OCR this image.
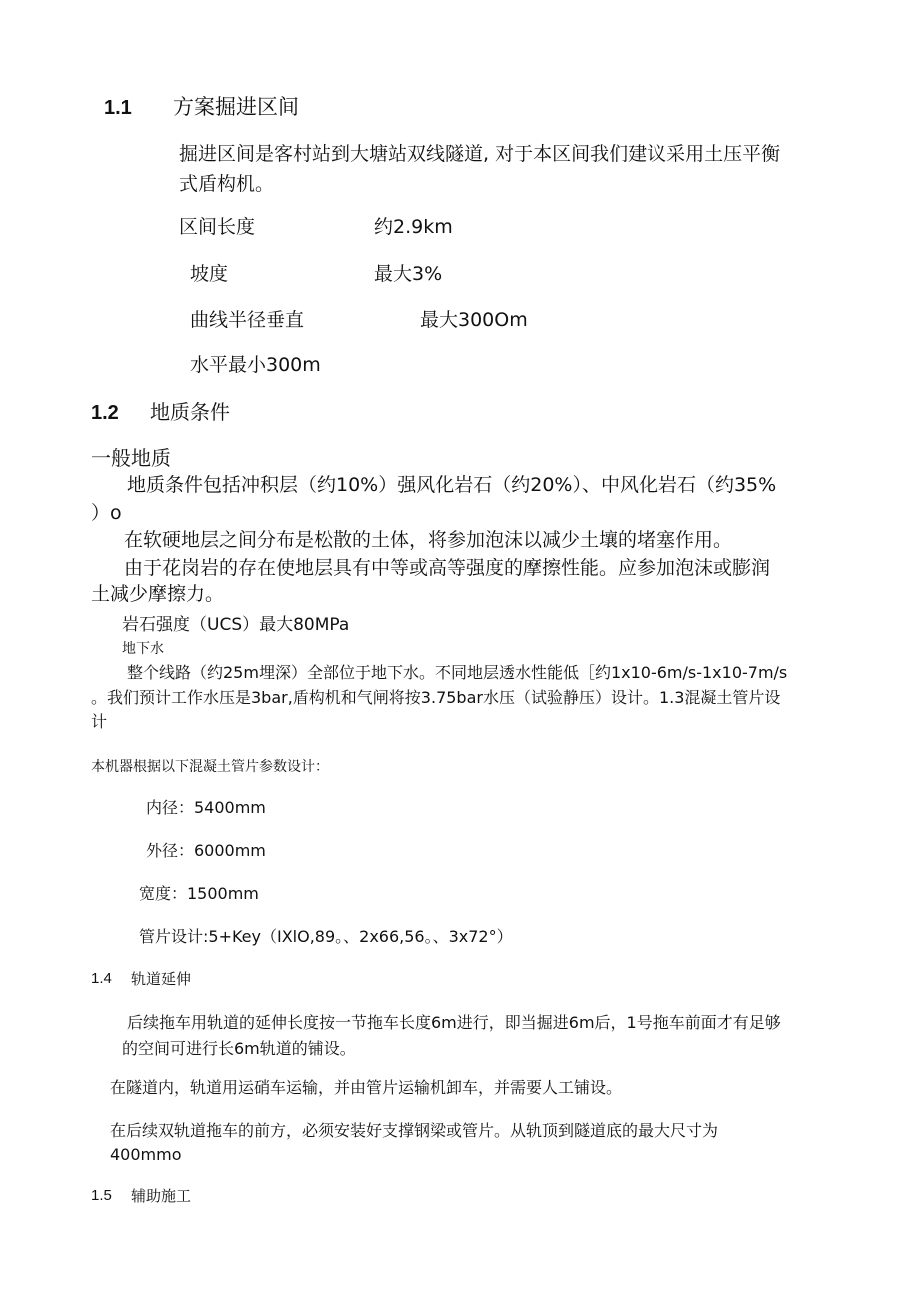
1.1 方案掘进区间
掘进区间是客村站到大塘站双线隧道, 对于本区间我们建议采用土压平衡
式盾构机。
区间长度	约2.9km
坡度	最大3%
曲线半径垂直	最大300Om
水平最小300m
1.2 地质条件
一般地质
地质条件包括冲积层（约10%）强风化岩石（约20%）、中风化岩石（约35%
）o
在软硬地层之间分布是松散的土体，将参加泡沫以减少土壤的堵塞作用。
由于花岗岩的存在使地层具有中等或高等强度的摩擦性能。应参加泡沫或膨润
土减少摩擦力。
岩石强度（UCS）最大80MPa
地下水
整个线路（约25m埋深）全部位于地下水。不同地层透水性能低［约1x10-6m/s-1x10-7m/s
。我们预计工作水压是3bar,盾构机和气闸将按3.75bar水压（试验静压）设计。1.3混凝土管片设
计
本机器根据以下混凝土管片参数设计：
内径：5400mm
外径：6000mm
宽度：1500mm
管片设计:5+Key（IXlO,89。、2x66,56。、3x72°）
1.4 轨道延伸
后续拖车用轨道的延伸长度按一节拖车长度6m进行，即当掘进6m后，1号拖车前面才有足够
的空间可进行长6m轨道的铺设。
在隧道内，轨道用运硝车运输，并由管片运输机卸车，并需要人工铺设。
在后续双轨道拖车的前方，必须安装好支撑钢梁或管片。从轨顶到隧道底的最大尺寸为
400mmo
1.5 辅助施工
